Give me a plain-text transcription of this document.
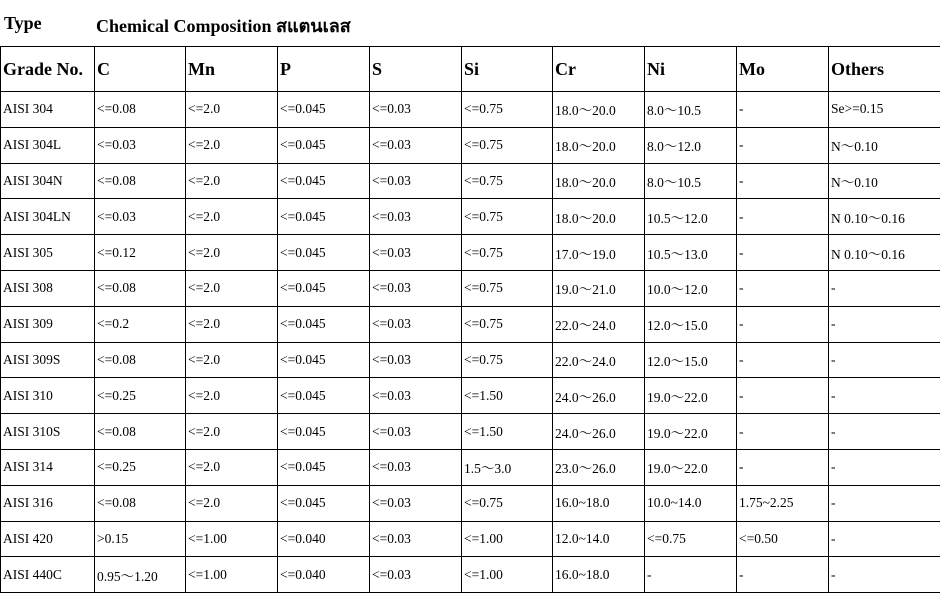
Type	Chemical Composition สแตนเลส
Grade No.	C	Mn	P	S	Si	Cr	Ni	Mo	Others
AISI 304	<=0.08	<=2.0	<=0.045	<=0.03	<=0.75	18.0〜20.0	8.0〜10.5	-	Se>=0.15
AISI 304L	<=0.03	<=2.0	<=0.045	<=0.03	<=0.75	18.0〜20.0	8.0〜12.0	-	N〜0.10
AISI 304N	<=0.08	<=2.0	<=0.045	<=0.03	<=0.75	18.0〜20.0	8.0〜10.5	-	N〜0.10
AISI 304LN	<=0.03	<=2.0	<=0.045	<=0.03	<=0.75	18.0〜20.0	10.5〜12.0	-	N 0.10〜0.16
AISI 305	<=0.12	<=2.0	<=0.045	<=0.03	<=0.75	17.0〜19.0	10.5〜13.0	-	N 0.10〜0.16
AISI 308	<=0.08	<=2.0	<=0.045	<=0.03	<=0.75	19.0〜21.0	10.0〜12.0	-	-
AISI 309	<=0.2	<=2.0	<=0.045	<=0.03	<=0.75	22.0〜24.0	12.0〜15.0	-	-
AISI 309S	<=0.08	<=2.0	<=0.045	<=0.03	<=0.75	22.0〜24.0	12.0〜15.0	-	-
AISI 310	<=0.25	<=2.0	<=0.045	<=0.03	<=1.50	24.0〜26.0	19.0〜22.0	-	-
AISI 310S	<=0.08	<=2.0	<=0.045	<=0.03	<=1.50	24.0〜26.0	19.0〜22.0	-	-
AISI 314	<=0.25	<=2.0	<=0.045	<=0.03	1.5〜3.0	23.0〜26.0	19.0〜22.0	-	-
AISI 316	<=0.08	<=2.0	<=0.045	<=0.03	<=0.75	16.0~18.0	10.0~14.0	1.75~2.25	-
AISI 420	>0.15	<=1.00	<=0.040	<=0.03	<=1.00	12.0~14.0	<=0.75	<=0.50	-
AISI 440C	0.95〜1.20	<=1.00	<=0.040	<=0.03	<=1.00	16.0~18.0	-	-	-
